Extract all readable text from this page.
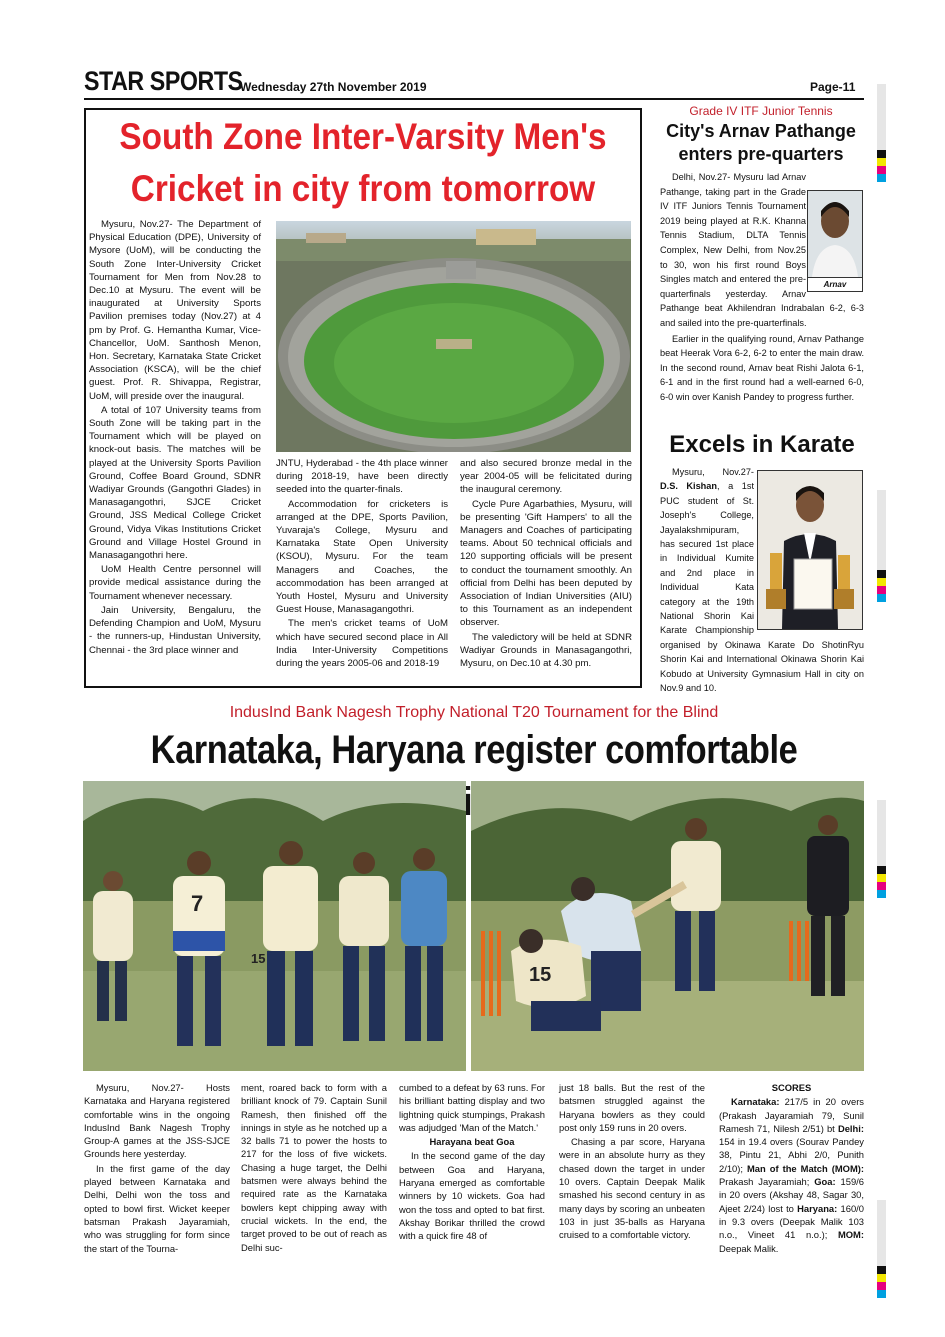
STAR SPORTS
Wednesday 27th November 2019	Page-11
South Zone Inter-Varsity Men's
Cricket in city from tomorrow

Mysuru, Nov.27- The Department of Physical Education (DPE), University of Mysore (UoM), will be conducting the South Zone Inter-University Cricket Tournament for Men from Nov.28 to Dec.10 at Mysuru. The event will be inaugurated at University Sports Pavilion premises today (Nov.27) at 4 pm by Prof. G. Hemantha Kumar, Vice-Chancellor, UoM. Santhosh Menon, Hon. Secretary, Karnataka State Cricket Association (KSCA), will be the chief guest. Prof. R. Shivappa, Registrar, UoM, will preside over the inaugural.

A total of 107 University teams from South Zone will be taking part in the Tournament which will be played on knock-out basis. The matches will be played at the University Sports Pavilion Ground, Coffee Board Ground, SDNR Wadiyar Grounds (Gangothri Glades) in Manasagangothri, SJCE Cricket Ground, JSS Medical College Cricket Ground, Vidya Vikas Institutions Cricket Ground and Village Hostel Ground in Manasagangothri here.

UoM Health Centre personnel will provide medical assistance during the Tournament whenever necessary.

Jain University, Bengaluru, the Defending Champion and UoM, Mysuru - the runners-up, Hindustan University, Chennai - the 3rd place winner and

JNTU, Hyderabad - the 4th place winner during 2018-19, have been directly seeded into the quarter-finals.

Accommodation for cricketers is arranged at the DPE, Sports Pavilion, Yuvaraja's College, Mysuru and Karnataka State Open University (KSOU), Mysuru. For the team Managers and Coaches, the accommodation has been arranged at Youth Hostel, Mysuru and University Guest House, Manasagangothri.

The men's cricket teams of UoM which have secured second place in All India Inter-University Competitions during the years 2005-06 and 2018-19

and also secured bronze medal in the year 2004-05 will be felicitated during the inaugural ceremony.

Cycle Pure Agarbathies, Mysuru, will be presenting 'Gift Hampers' to all the Managers and Coaches of participating teams. About 50 technical officials and 120 supporting officials will be present to conduct the tournament smoothly. An official from Delhi has been deputed by Association of Indian Universities (AIU) to this Tournament as an independent observer.

The valedictory will be held at SDNR Wadiyar Grounds in Manasagangothri, Mysuru, on Dec.10 at 4.30 pm.

Grade IV ITF Junior Tennis
City's Arnav Pathange
enters pre-quarters
Arnav

Delhi, Nov.27- Mysuru lad Arnav Pathange, taking part in the Grade IV ITF Juniors Tennis Tournament 2019 being played at R.K. Khanna Tennis Stadium, DLTA Tennis Complex, New Delhi, from Nov.25 to 30, won his first round Boys Singles match and entered the pre-quarterfinals yesterday. Arnav Pathange beat Akhilendran Indrabalan 6-2, 6-3 and sailed into the pre-quarterfinals.

Earlier in the qualifying round, Arnav Pathange beat Heerak Vora 6-2, 6-2 to enter the main draw. In the second round, Arnav beat Rishi Jalota 6-1, 6-1 and in the first round had a well-earned 6-0, 6-0 win over Kanish Pandey to progress further.

Excels in Karate

Mysuru, Nov.27- D.S. Kishan, a 1st PUC student of St. Joseph's College, Jayalakshmipuram, has secured 1st place in Individual Kumite and 2nd place in Individual Kata category at the 19th National Shorin Kai Karate Championship organised by Okinawa Karate Do ShotinRyu Shorin Kai and International Okinawa Shorin Kai Kobudo at University Gymnasium Hall in city on Nov.9 and 10.

IndusInd Bank Nagesh Trophy National T20 Tournament for the Blind
Karnataka, Haryana register comfortable
7
15
15

Mysuru, Nov.27- Hosts Karnataka and Haryana registered comfortable wins in the ongoing IndusInd Bank Nagesh Trophy Group-A games at the JSS-SJCE Grounds here yesterday.

In the first game of the day played between Karnataka and Delhi, Delhi won the toss and opted to bowl first. Wicket keeper batsman Prakash Jayaramiah, who was struggling for form since the start of the Tourna-

ment, roared back to form with a brilliant knock of 79. Captain Sunil Ramesh, then finished off the innings in style as he notched up a 32 balls 71 to power the hosts to 217 for the loss of five wickets. Chasing a huge target, the Delhi batsmen were always behind the required rate as the Karnataka bowlers kept chipping away with crucial wickets. In the end, the target proved to be out of reach as Delhi suc-

cumbed to a defeat by 63 runs. For his brilliant batting display and two lightning quick stumpings, Prakash was adjudged 'Man of the Match.'

Harayana beat Goa

In the second game of the day between Goa and Haryana, Haryana emerged as comfortable winners by 10 wickets. Goa had won the toss and opted to bat first. Akshay Borikar thrilled the crowd with a quick fire 48 of

just 18 balls. But the rest of the batsmen struggled against the Haryana bowlers as they could post only 159 runs in 20 overs.

Chasing a par score, Haryana were in an absolute hurry as they chased down the target in under 10 overs. Captain Deepak Malik smashed his second century in as many days by scoring an unbeaten 103 in just 35-balls as Haryana cruised to a comfortable victory.

SCORES

Karnataka: 217/5 in 20 overs (Prakash Jayaramiah 79, Sunil Ramesh 71, Nilesh 2/51) bt Delhi: 154 in 19.4 overs (Sourav Pandey 38, Pintu 21, Abhi 2/0, Punith 2/10); Man of the Match (MOM): Prakash Jayaramiah; Goa: 159/6 in 20 overs (Akshay 48, Sagar 30, Ajeet 2/24) lost to Haryana: 160/0 in 9.3 overs (Deepak Malik 103 n.o., Vineet 41 n.o.); MOM: Deepak Malik.
